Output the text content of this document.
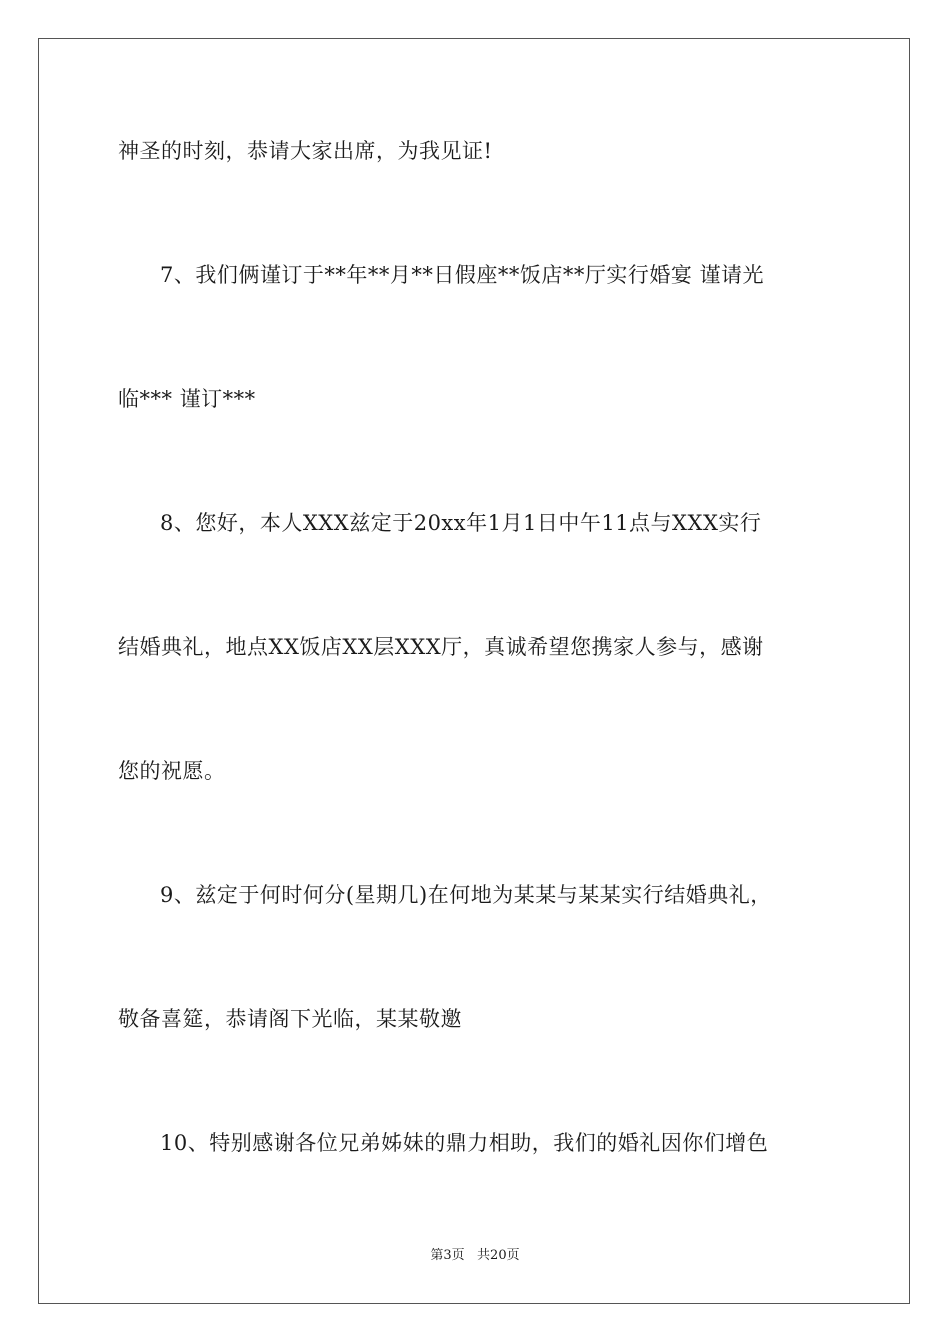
神圣的时刻，恭请大家出席，为我见证!
7、我们俩谨订于**年**月**日假座**饭店**厅实行婚宴 谨请光
临*** 谨订***
8、您好，本人XXX兹定于20xx年1月1日中午11点与XXX实行
结婚典礼，地点XX饭店XX层XXX厅，真诚希望您携家人参与，感谢
您的祝愿。
9、兹定于何时何分(星期几)在何地为某某与某某实行结婚典礼，
敬备喜筵，恭请阁下光临，某某敬邀
10、特别感谢各位兄弟姊妹的鼎力相助，我们的婚礼因你们增色
第3页   共20页
